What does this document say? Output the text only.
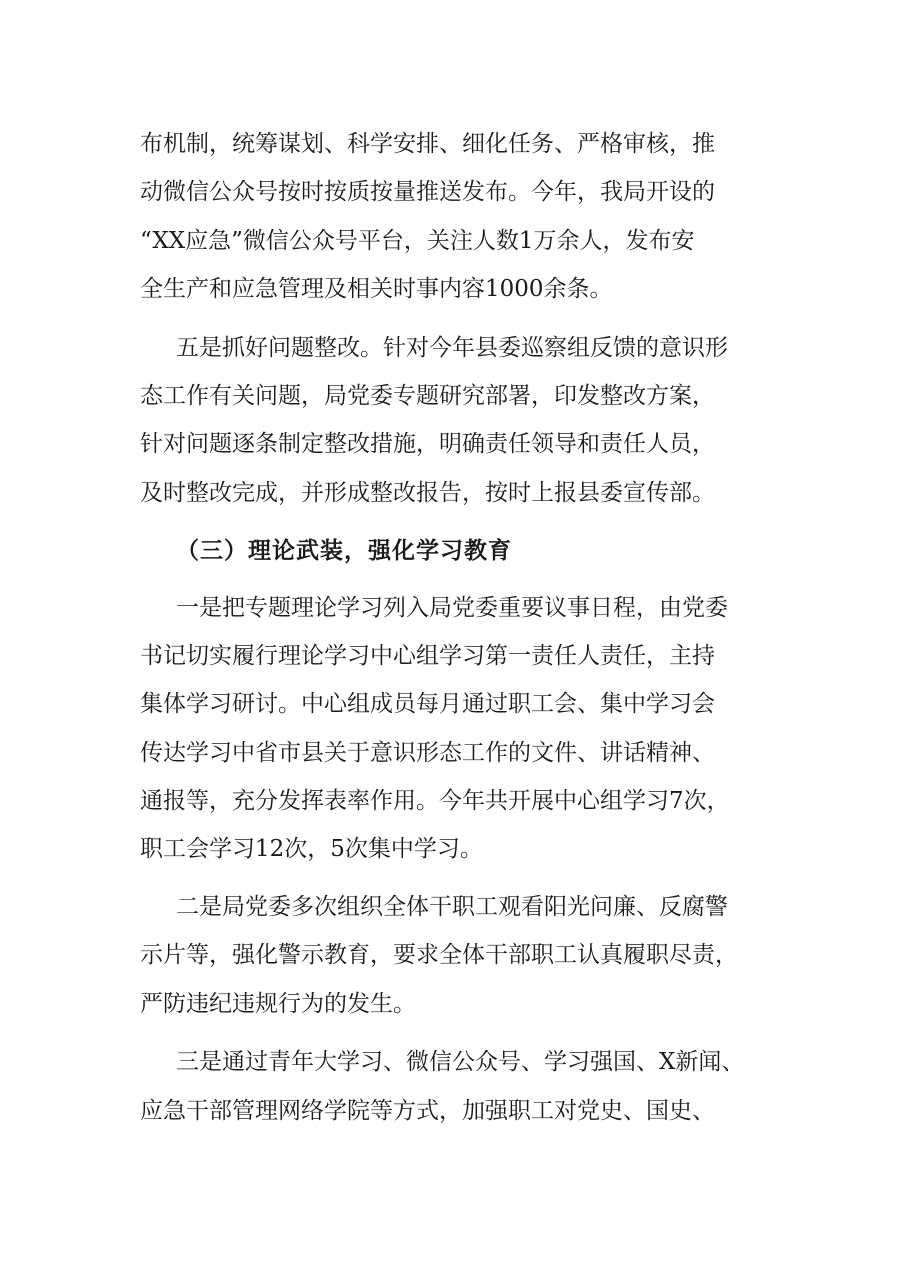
布机制，统筹谋划、科学安排、细化任务、严格审核，推
动微信公众号按时按质按量推送发布。今年，我局开设的
“XX应急”微信公众号平台，关注人数1万余人，发布安
全生产和应急管理及相关时事内容1000余条。
五是抓好问题整改。针对今年县委巡察组反馈的意识形
态工作有关问题，局党委专题研究部署，印发整改方案，
针对问题逐条制定整改措施，明确责任领导和责任人员，
及时整改完成，并形成整改报告，按时上报县委宣传部。
（三）理论武装，强化学习教育
一是把专题理论学习列入局党委重要议事日程，由党委
书记切实履行理论学习中心组学习第一责任人责任，主持
集体学习研讨。中心组成员每月通过职工会、集中学习会
传达学习中省市县关于意识形态工作的文件、讲话精神、
通报等，充分发挥表率作用。今年共开展中心组学习7次，
职工会学习12次，5次集中学习。
二是局党委多次组织全体干职工观看阳光问廉、反腐警
示片等，强化警示教育，要求全体干部职工认真履职尽责，
严防违纪违规行为的发生。
三是通过青年大学习、微信公众号、学习强国、X新闻、
应急干部管理网络学院等方式，加强职工对党史、国史、
